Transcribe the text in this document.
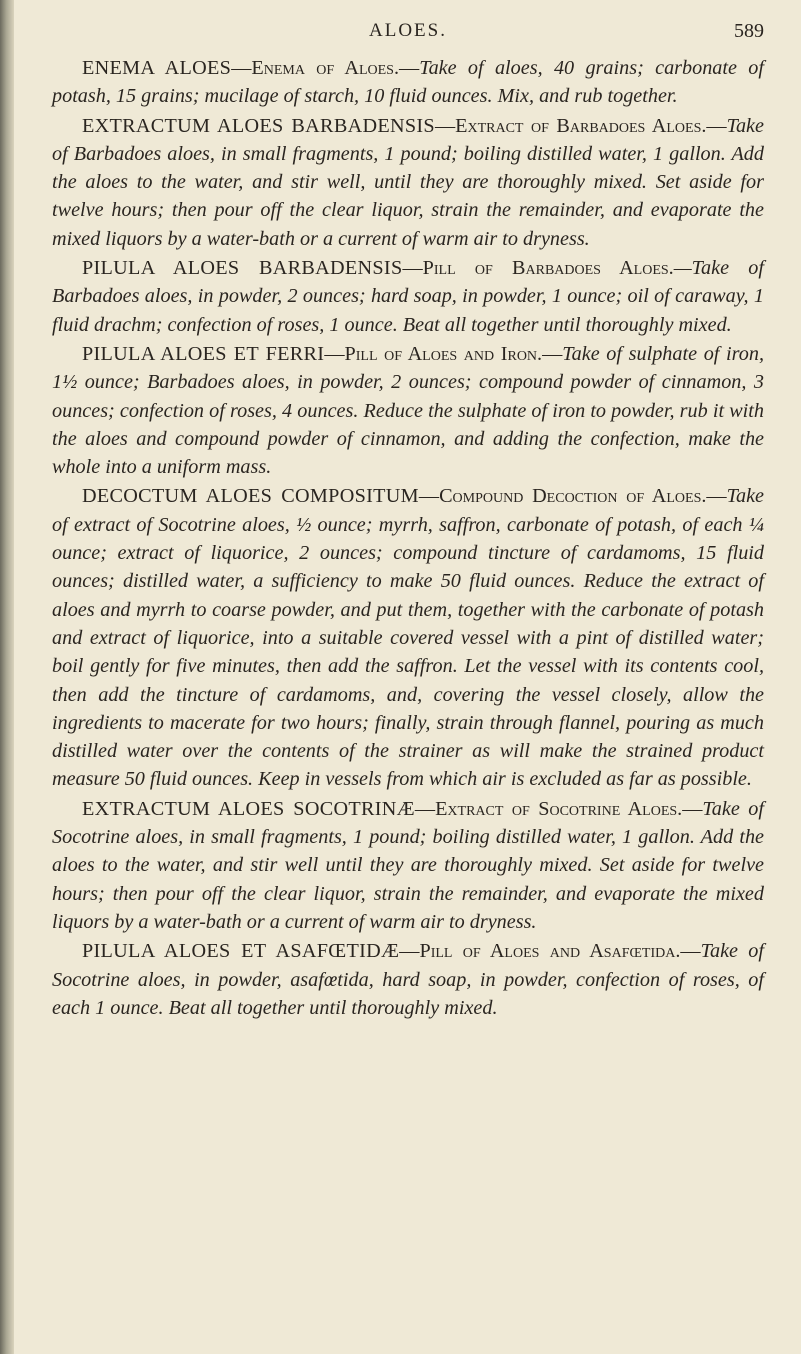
ALOES.	589

ENEMA ALOES—Enema of Aloes.—Take of aloes, 40 grains; carbonate of potash, 15 grains; mucilage of starch, 10 fluid ounces. Mix, and rub together.

EXTRACTUM ALOES BARBADENSIS—Extract of Barbadoes Aloes.—Take of Barbadoes aloes, in small fragments, 1 pound; boiling distilled water, 1 gallon. Add the aloes to the water, and stir well, until they are thoroughly mixed. Set aside for twelve hours; then pour off the clear liquor, strain the remainder, and evaporate the mixed liquors by a water-bath or a current of warm air to dryness.

PILULA ALOES BARBADENSIS—Pill of Barbadoes Aloes.—Take of Barbadoes aloes, in powder, 2 ounces; hard soap, in powder, 1 ounce; oil of caraway, 1 fluid drachm; confection of roses, 1 ounce. Beat all together until thoroughly mixed.

PILULA ALOES ET FERRI—Pill of Aloes and Iron.—Take of sulphate of iron, 1½ ounce; Barbadoes aloes, in powder, 2 ounces; compound powder of cinnamon, 3 ounces; confection of roses, 4 ounces. Reduce the sulphate of iron to powder, rub it with the aloes and compound powder of cinnamon, and adding the confection, make the whole into a uniform mass.

DECOCTUM ALOES COMPOSITUM—Compound Decoction of Aloes.—Take of extract of Socotrine aloes, ½ ounce; myrrh, saffron, carbonate of potash, of each ¼ ounce; extract of liquorice, 2 ounces; compound tincture of cardamoms, 15 fluid ounces; distilled water, a sufficiency to make 50 fluid ounces. Reduce the extract of aloes and myrrh to coarse powder, and put them, together with the carbonate of potash and extract of liquorice, into a suitable covered vessel with a pint of distilled water; boil gently for five minutes, then add the saffron. Let the vessel with its contents cool, then add the tincture of cardamoms, and, covering the vessel closely, allow the ingredients to macerate for two hours; finally, strain through flannel, pouring as much distilled water over the contents of the strainer as will make the strained product measure 50 fluid ounces. Keep in vessels from which air is excluded as far as possible.

EXTRACTUM ALOES SOCOTRINÆ—Extract of Socotrine Aloes.—Take of Socotrine aloes, in small fragments, 1 pound; boiling distilled water, 1 gallon. Add the aloes to the water, and stir well until they are thoroughly mixed. Set aside for twelve hours; then pour off the clear liquor, strain the remainder, and evaporate the mixed liquors by a water-bath or a current of warm air to dryness.

PILULA ALOES ET ASAFŒTIDÆ—Pill of Aloes and Asafœtida.—Take of Socotrine aloes, in powder, asafœtida, hard soap, in powder, confection of roses, of each 1 ounce. Beat all together until thoroughly mixed.
